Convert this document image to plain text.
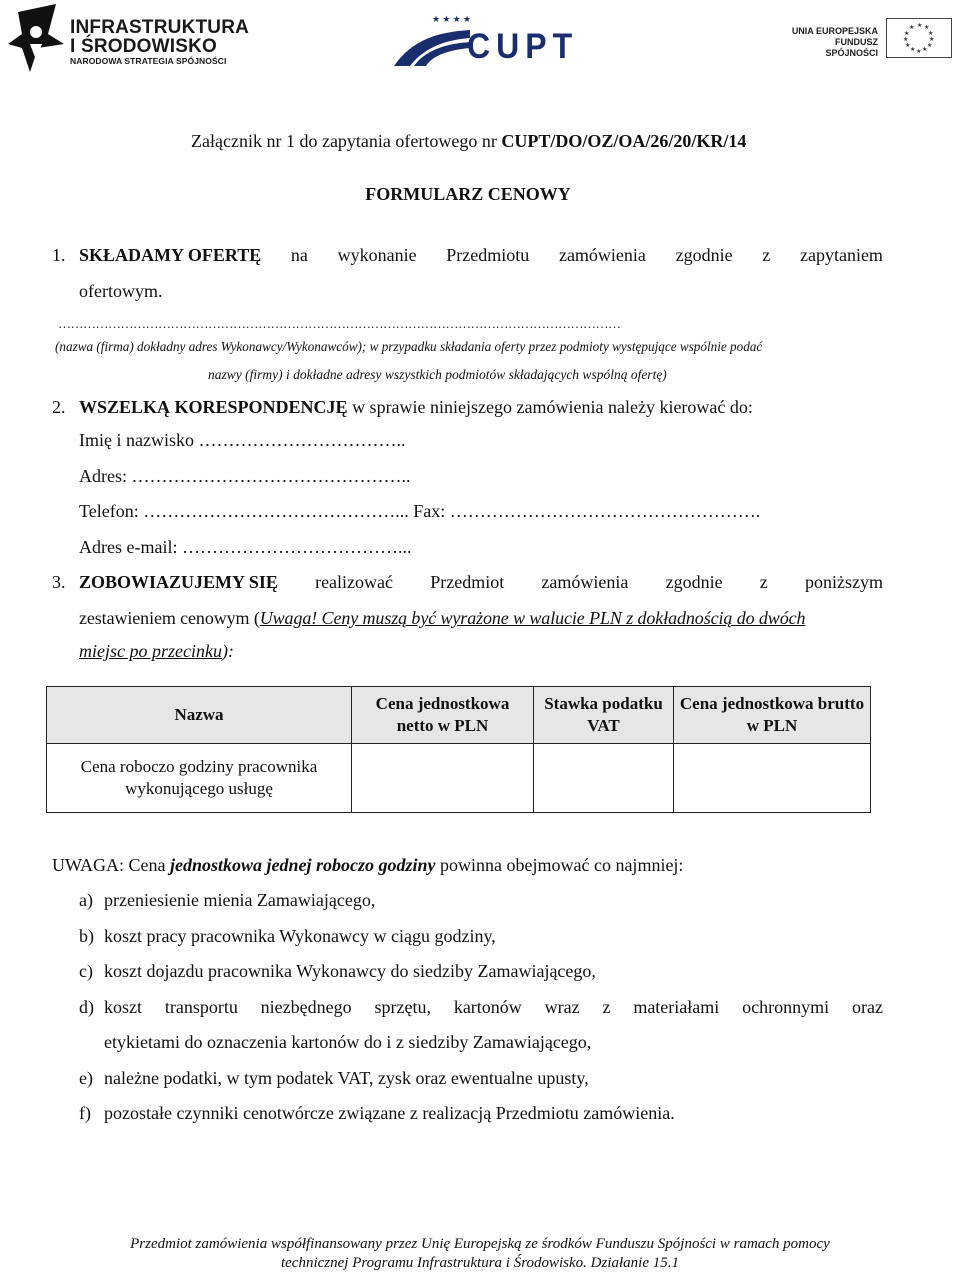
INFRASTRUKTURA
I ŚRODOWISKO
NARODOWA STRATEGIA SPÓJNOŚCI
★ ★ ★ ★
CUPT	UNIA EUROPEJSKA
FUNDUSZ SPÓJNOŚCI
★ ★
★
★
★
★
★
★
★
★
★
★
Załącznik nr 1 do zapytania ofertowego nr CUPT/DO/OZ/OA/26/20/KR/14
FORMULARZ CENOWY
1. SKŁADAMY OFERTĘ na wykonanie Przedmiotu zamówienia zgodnie z zapytaniem
ofertowym.
………………………………………………………………………………………………………………………
(nazwa (firma) dokładny adres Wykonawcy/Wykonawców); w przypadku składania oferty przez podmioty występujące wspólnie podać
nazwy (firmy) i dokładne adresy wszystkich podmiotów składających wspólną ofertę)
2. WSZELKĄ KORESPONDENCJĘ w sprawie niniejszego zamówienia należy kierować do:
Imię i nazwisko ……………………………..
Adres: ………………………………………..
Telefon: ……………………………………... Fax: …………………………………………….
Adres e-mail: ………………………………...
3. ZOBOWIAZUJEMY SIĘ realizować Przedmiot zamówienia zgodnie z poniższym
zestawieniem cenowym (Uwaga! Ceny muszą być wyrażone w walucie PLN z dokładnością do dwóch
miejsc po przecinku):
Nazwa	Cena jednostkowa netto w PLN	Stawka podatku VAT	Cena jednostkowa brutto w PLN
Cena roboczo godziny pracownika wykonującego usługę			
UWAGA: Cena jednostkowa jednej roboczo godziny powinna obejmować co najmniej:
a) przeniesienie mienia Zamawiającego,
b) koszt pracy pracownika Wykonawcy w ciągu godziny,
c) koszt dojazdu pracownika Wykonawcy do siedziby Zamawiającego,
d) koszt transportu niezbędnego sprzętu, kartonów wraz z materiałami ochronnymi oraz
etykietami do oznaczenia kartonów do i z siedziby Zamawiającego,
e) należne podatki, w tym podatek VAT, zysk oraz ewentualne upusty,
f) pozostałe czynniki cenotwórcze związane z realizacją Przedmiotu zamówienia.
Przedmiot zamówienia współfinansowany przez Unię Europejską ze środków Funduszu Spójności w ramach pomocy
technicznej Programu Infrastruktura i Środowisko. Działanie 15.1
